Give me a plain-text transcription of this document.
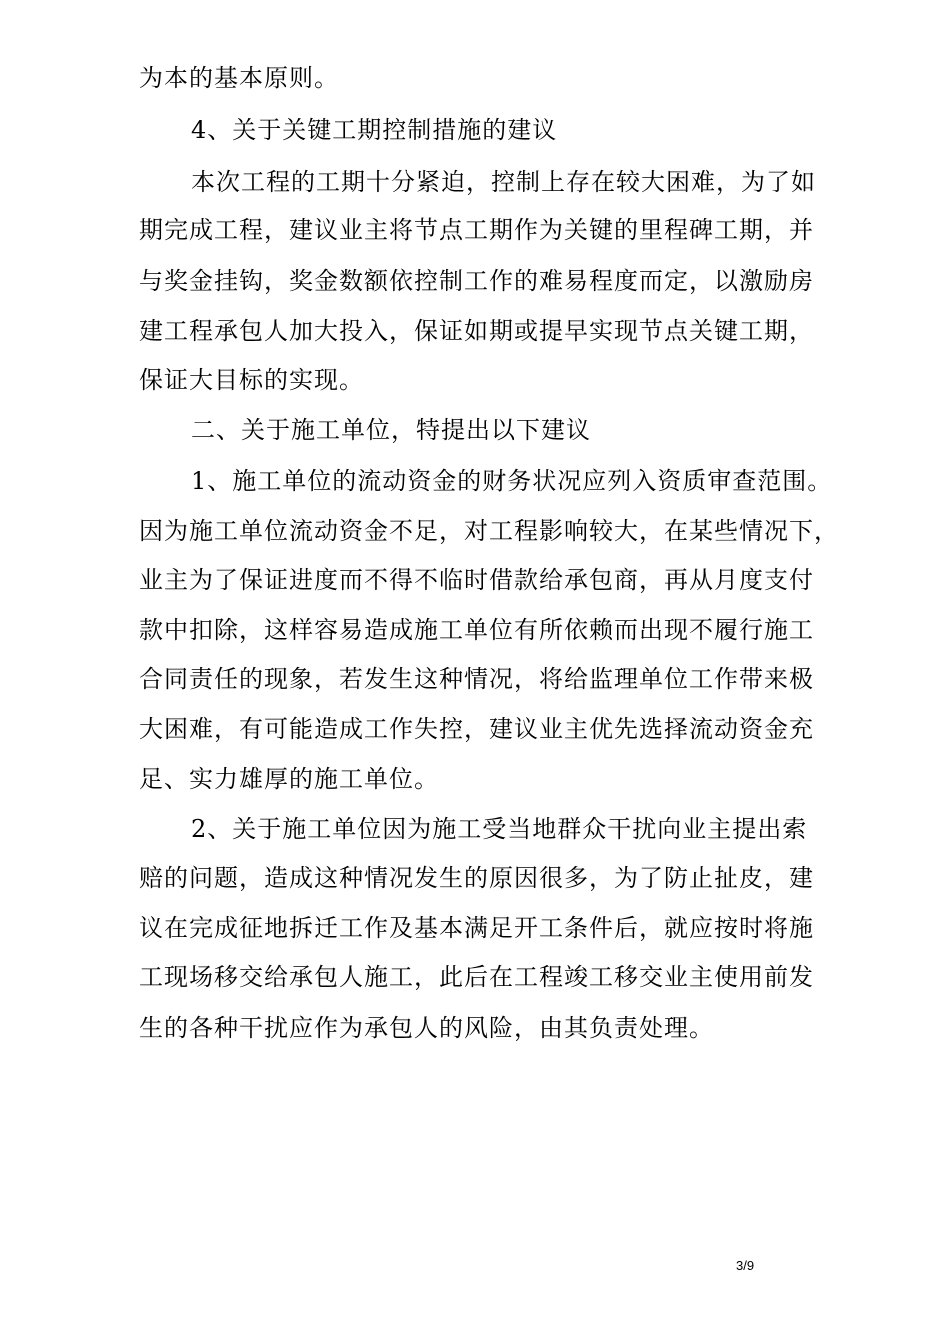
为本的基本原则。
4、关于关键工期控制措施的建议
本次工程的工期十分紧迫，控制上存在较大困难，为了如
期完成工程，建议业主将节点工期作为关键的里程碑工期，并
与奖金挂钩，奖金数额依控制工作的难易程度而定，以激励房
建工程承包人加大投入，保证如期或提早实现节点关键工期，
保证大目标的实现。
二、关于施工单位，特提出以下建议
1、施工单位的流动资金的财务状况应列入资质审查范围。
因为施工单位流动资金不足，对工程影响较大，在某些情况下，
业主为了保证进度而不得不临时借款给承包商，再从月度支付
款中扣除，这样容易造成施工单位有所依赖而出现不履行施工
合同责任的现象，若发生这种情况，将给监理单位工作带来极
大困难，有可能造成工作失控，建议业主优先选择流动资金充
足、实力雄厚的施工单位。
2、关于施工单位因为施工受当地群众干扰向业主提出索
赔的问题，造成这种情况发生的原因很多，为了防止扯皮，建
议在完成征地拆迁工作及基本满足开工条件后，就应按时将施
工现场移交给承包人施工，此后在工程竣工移交业主使用前发
生的各种干扰应作为承包人的风险，由其负责处理。
3/9
